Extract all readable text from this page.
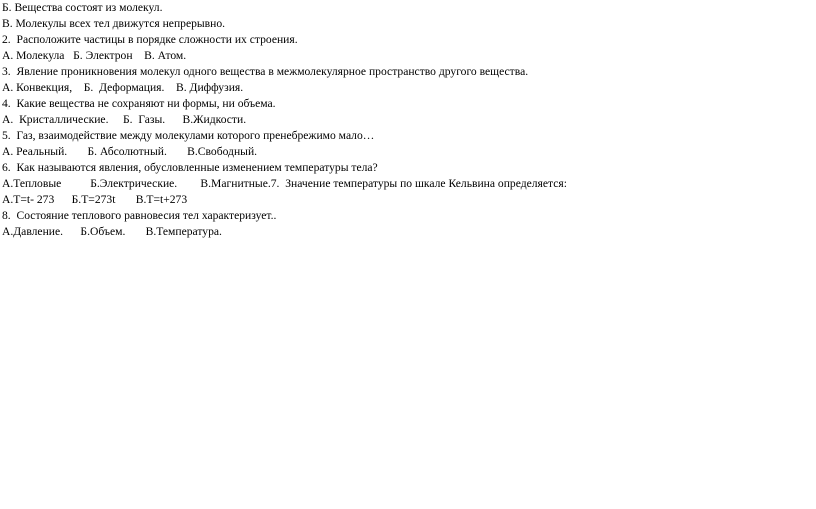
Б. Вещества состоят из молекул.
В. Молекулы всех тел движутся непрерывно.
2.  Расположите частицы в порядке сложности их строения.
А. Молекула   Б. Электрон    В. Атом.
3.  Явление проникновения молекул одного вещества в межмолекулярное пространство другого вещества.
А. Конвекция,    Б.  Деформация.    В. Диффузия.
4.  Какие вещества не сохраняют ни формы, ни объема.
А.  Кристаллические.     Б.  Газы.      В.Жидкости.
5.  Газ, взаимодействие между молекулами которого пренебрежимо мало…
А. Реальный.       Б. Абсолютный.       В.Свободный.
6.  Как называются явления, обусловленные изменением температуры тела?
А.Тепловые          Б.Электрические.        В.Магнитные.7.  Значение температуры по шкале Кельвина определяется:
А.Т=t- 273      Б.Т=273t       В.Т=t+273
8.  Состояние теплового равновесия тел характеризует..
А.Давление.      Б.Объем.       В.Температура.
